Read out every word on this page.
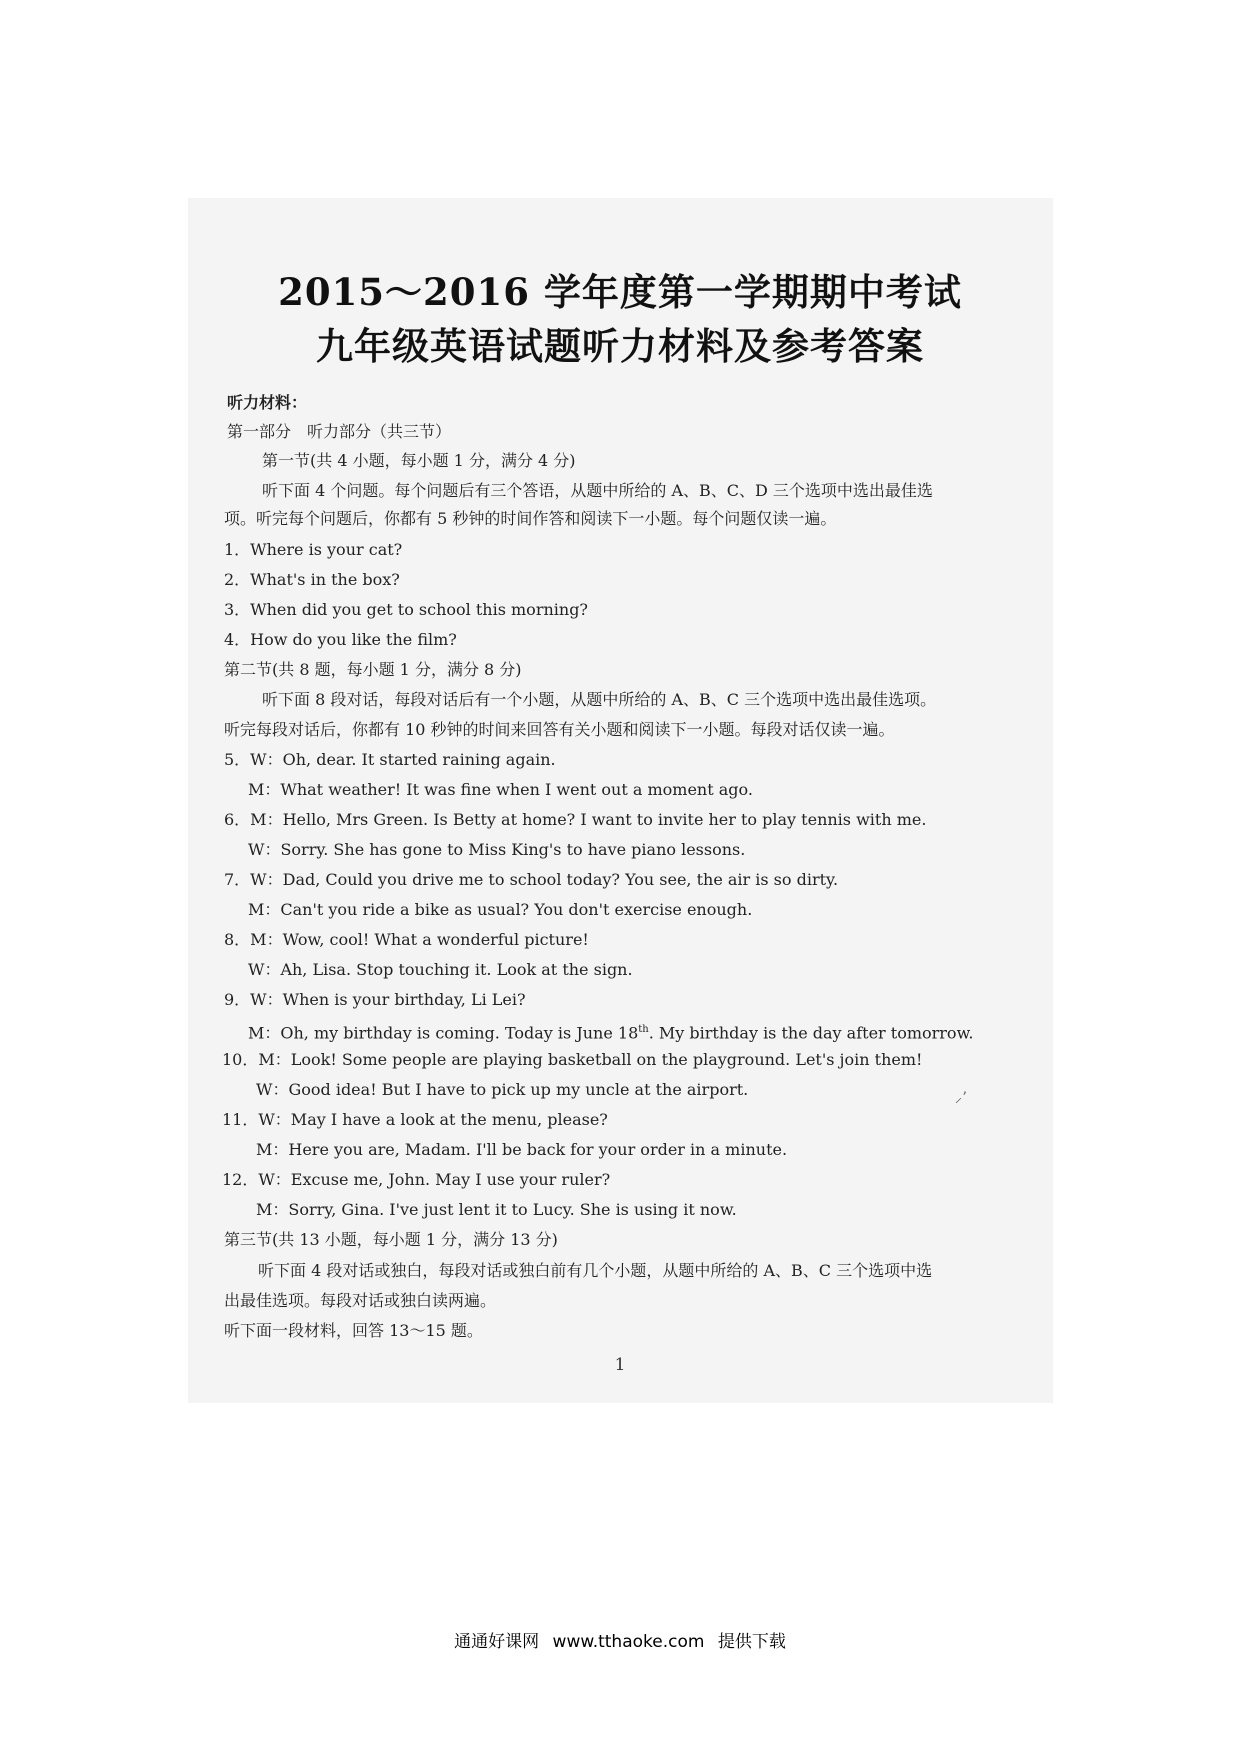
2015～2016 学年度第一学期期中考试
九年级英语试题听力材料及参考答案
听力材料：
第一部分　听力部分（共三节）
第一节(共 4 小题，每小题 1 分，满分 4 分)
听下面 4 个问题。每个问题后有三个答语，从题中所给的 A、B、C、D 三个选项中选出最佳选
项。听完每个问题后，你都有 5 秒钟的时间作答和阅读下一小题。每个问题仅读一遍。
1．Where is your cat?
2．What's in the box?
3．When did you get to school this morning?
4．How do you like the film?
第二节(共 8 题，每小题 1 分，满分 8 分)
听下面 8 段对话，每段对话后有一个小题，从题中所给的 A、B、C 三个选项中选出最佳选项。
听完每段对话后，你都有 10 秒钟的时间来回答有关小题和阅读下一小题。每段对话仅读一遍。
5．W：Oh, dear. It started raining again.
M：What weather! It was fine when I went out a moment ago.
6．M：Hello, Mrs Green. Is Betty at home? I want to invite her to play tennis with me.
W：Sorry. She has gone to Miss King's to have piano lessons.
7．W：Dad, Could you drive me to school today? You see, the air is so dirty.
M：Can't you ride a bike as usual? You don't exercise enough.
8．M：Wow, cool! What a wonderful picture!
W：Ah, Lisa. Stop touching it. Look at the sign.
9．W：When is your birthday, Li Lei?
M：Oh, my birthday is coming. Today is June 18th. My birthday is the day after tomorrow.
10．M：Look! Some people are playing basketball on the playground. Let's join them!
W：Good idea! But I have to pick up my uncle at the airport.
11．W：May I have a look at the menu, please?
M：Here you are, Madam. I'll be back for your order in a minute.
12．W：Excuse me, John. May I use your ruler?
M：Sorry, Gina. I've just lent it to Lucy. She is using it now.
第三节(共 13 小题，每小题 1 分，满分 13 分)
听下面 4 段对话或独白，每段对话或独白前有几个小题，从题中所给的 A、B、C 三个选项中选
出最佳选项。每段对话或独白读两遍。
听下面一段材料，回答 13～15 题。
1
⸝ʼ
通通好课网 www.tthaoke.com 提供下载
